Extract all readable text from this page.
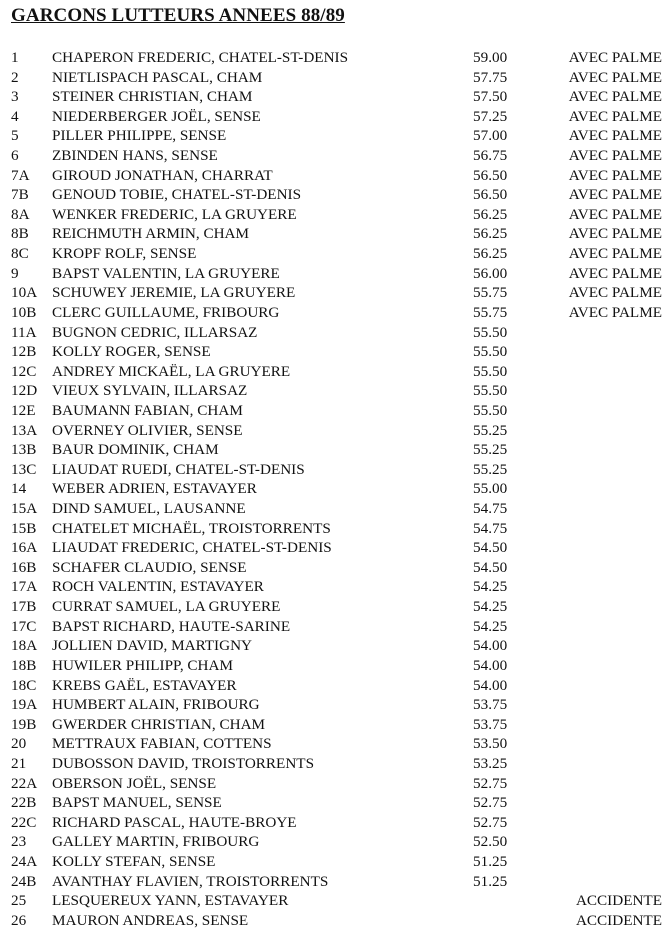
GARCONS LUTTEURS ANNEES 88/89
1	CHAPERON FREDERIC, CHATEL-ST-DENIS	59.00	AVEC PALME
2	NIETLISPACH PASCAL, CHAM	57.75	AVEC PALME
3	STEINER CHRISTIAN, CHAM	57.50	AVEC PALME
4	NIEDERBERGER JOËL, SENSE	57.25	AVEC PALME
5	PILLER PHILIPPE, SENSE	57.00	AVEC PALME
6	ZBINDEN HANS, SENSE	56.75	AVEC PALME
7A	GIROUD JONATHAN, CHARRAT	56.50	AVEC PALME
7B	GENOUD TOBIE, CHATEL-ST-DENIS	56.50	AVEC PALME
8A	WENKER FREDERIC, LA GRUYERE	56.25	AVEC PALME
8B	REICHMUTH ARMIN, CHAM	56.25	AVEC PALME
8C	KROPF ROLF, SENSE	56.25	AVEC PALME
9	BAPST VALENTIN, LA GRUYERE	56.00	AVEC PALME
10A SCHUWEY JEREMIE, LA GRUYERE	55.75	AVEC PALME
10B	CLERC GUILLAUME, FRIBOURG	55.75	AVEC PALME
11A	BUGNON CEDRIC, ILLARSAZ	55.50
12B	KOLLY ROGER, SENSE	55.50
12C	ANDREY MICKAËL, LA GRUYERE	55.50
12D VIEUX SYLVAIN, ILLARSAZ	55.50
12E	BAUMANN FABIAN, CHAM	55.50
13A OVERNEY OLIVIER, SENSE	55.25
13B	BAUR DOMINIK, CHAM	55.25
13C	LIAUDAT RUEDI, CHATEL-ST-DENIS	55.25
14	WEBER ADRIEN, ESTAVAYER	55.00
15A DIND SAMUEL, LAUSANNE	54.75
15B	CHATELET MICHAËL, TROISTORRENTS	54.75
16A LIAUDAT FREDERIC, CHATEL-ST-DENIS	54.50
16B	SCHAFER CLAUDIO, SENSE	54.50
17A ROCH VALENTIN, ESTAVAYER	54.25
17B	CURRAT SAMUEL, LA GRUYERE	54.25
17C	BAPST RICHARD, HAUTE-SARINE	54.25
18A JOLLIEN DAVID, MARTIGNY	54.00
18B	HUWILER PHILIPP, CHAM	54.00
18C	KREBS GAËL, ESTAVAYER	54.00
19A HUMBERT ALAIN, FRIBOURG	53.75
19B	GWERDER CHRISTIAN, CHAM	53.75
20	METTRAUX FABIAN, COTTENS	53.50
21	DUBOSSON DAVID, TROISTORRENTS	53.25
22A OBERSON JOËL, SENSE	52.75
22B	BAPST MANUEL, SENSE	52.75
22C	RICHARD PASCAL, HAUTE-BROYE	52.75
23	GALLEY MARTIN, FRIBOURG	52.50
24A KOLLY STEFAN, SENSE	51.25
24B	AVANTHAY FLAVIEN, TROISTORRENTS	51.25
25	LESQUEREUX YANN, ESTAVAYER	ACCIDENTE
26	MAURON ANDREAS, SENSE	ACCIDENTE
